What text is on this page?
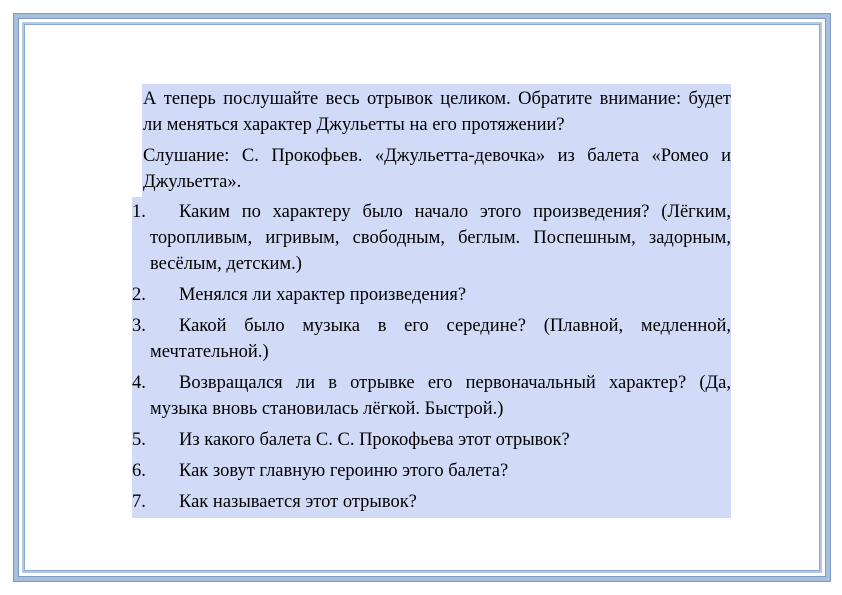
А теперь послушайте весь отрывок целиком. Обратите внимание: будет ли меняться характер Джульетты на его протяжении?

Слушание: С. Прокофьев. «Джульетта-девочка» из балета «Ромео и Джульетта».

1.	Каким по характеру было начало этого произведения? (Лёгким, торопливым, игривым, свободным, беглым. Поспешным, задорным, весёлым, детским.)
2.	Менялся ли характер произведения?
3.	Какой было музыка в его середине? (Плавной, медленной, мечтательной.)
4.	Возвращался ли в отрывке его первоначальный характер? (Да, музыка вновь становилась лёгкой. Быстрой.)
5.	Из какого балета С. С. Прокофьева этот отрывок?
6.	Как зовут главную героиню этого балета?
7.	Как называется этот отрывок?
